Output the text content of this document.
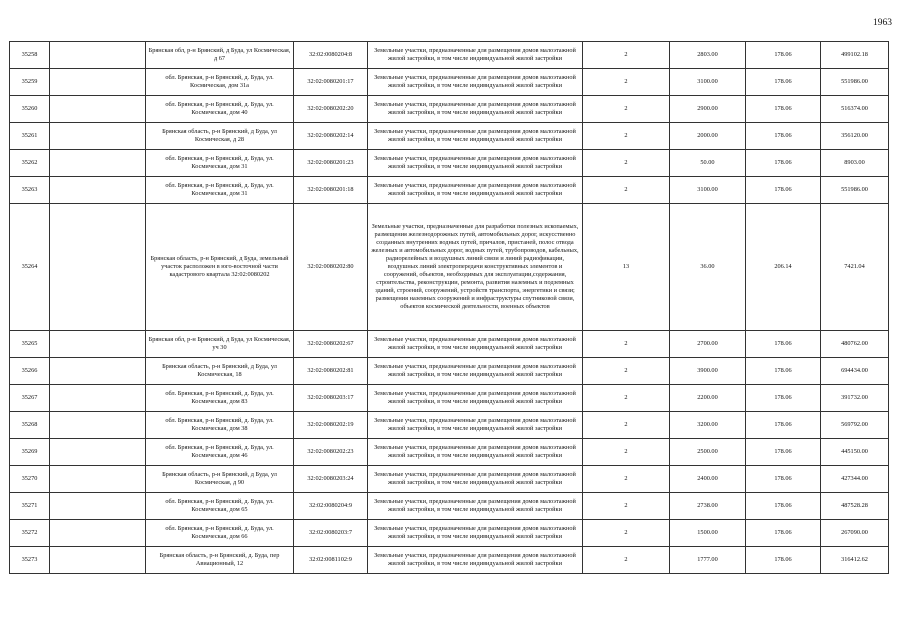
1963
35258		Брянская обл, р-н Брянский, д Буда, ул Космическая, д 67	32:02:0080204:8	Земельные участки, предназначенные для размещения домов малоэтажной жилой застройки, в том числе индивидуальной жилой застройки	2	2803.00	178.06	499102.18
35259		обл. Брянская, р-н Брянский, д. Буда, ул. Космическая, дом 31а	32:02:0080201:17	Земельные участки, предназначенные для размещения домов малоэтажной жилой застройки, в том числе индивидуальной жилой застройки	2	3100.00	178.06	551986.00
35260		обл. Брянская, р-н Брянский, д. Буда, ул. Космическая, дом 40	32:02:0080202:20	Земельные участки, предназначенные для размещения домов малоэтажной жилой застройки, в том числе индивидуальной жилой застройки	2	2900.00	178.06	516374.00
35261		Брянская область, р-н Брянский, д Буда, ул Космическая, д 28	32:02:0080202:14	Земельные участки, предназначенные для размещения домов малоэтажной жилой застройки, в том числе индивидуальной жилой застройки	2	2000.00	178.06	356120.00
35262		обл. Брянская, р-н Брянский, д. Буда, ул. Космическая, дом 31	32:02:0080201:23	Земельные участки, предназначенные для размещения домов малоэтажной жилой застройки, в том числе индивидуальной жилой застройки	2	50.00	178.06	8903.00
35263		обл. Брянская, р-н Брянский, д. Буда, ул. Космическая, дом 31	32:02:0080201:18	Земельные участки, предназначенные для размещения домов малоэтажной жилой застройки, в том числе индивидуальной жилой застройки	2	3100.00	178.06	551986.00
35264		Брянская область, р-н Брянский, д Буда, земельный участок расположен в юго-восточной части кадастрового квартала 32:02:0080202	32:02:0080202:80	Земельные участки, предназначенные для разработки полезных ископаемых, размещения железнодорожных путей, автомобильных дорог, искусственно созданных внутренних водных путей, причалов, пристаней, полос отвода железных и автомобильных дорог, водных путей, трубопроводов, кабельных, радиорелейных и воздушных линий связи и линий радиофикации, воздушных линий электропередачи конструктивных элементов и сооружений, объектов, необходимых для эксплуатации,содержания, строительства, реконструкции, ремонта, развития наземных и подземных зданий, строений, сооружений, устройств транспорта, энергетики и связи; размещения наземных сооружений и инфраструктуры спутниковой связи, объектов космической деятельности, военных объектов	13	36.00	206.14	7421.04
35265		Брянская обл, р-н Брянский, д Буда, ул Космическая, уч 30	32:02:0080202:67	Земельные участки, предназначенные для размещения домов малоэтажной жилой застройки, в том числе индивидуальной жилой застройки	2	2700.00	178.06	480762.00
35266		Брянская область, р-н Брянский, д Буда, ул Космическая, 18	32:02:0080202:81	Земельные участки, предназначенные для размещения домов малоэтажной жилой застройки, в том числе индивидуальной жилой застройки	2	3900.00	178.06	694434.00
35267		обл. Брянская, р-н Брянский, д. Буда, ул. Космическая, дом 83	32:02:0080203:17	Земельные участки, предназначенные для размещения домов малоэтажной жилой застройки, в том числе индивидуальной жилой застройки	2	2200.00	178.06	391732.00
35268		обл. Брянская, р-н Брянский, д. Буда, ул. Космическая, дом 38	32:02:0080202:19	Земельные участки, предназначенные для размещения домов малоэтажной жилой застройки, в том числе индивидуальной жилой застройки	2	3200.00	178.06	569792.00
35269		обл. Брянская, р-н Брянский, д. Буда, ул. Космическая, дом 46	32:02:0080202:23	Земельные участки, предназначенные для размещения домов малоэтажной жилой застройки, в том числе индивидуальной жилой застройки	2	2500.00	178.06	445150.00
35270		Брянская область, р-н Брянский, д Буда, ул Космическая, д 90	32:02:0080203:24	Земельные участки, предназначенные для размещения домов малоэтажной жилой застройки, в том числе индивидуальной жилой застройки	2	2400.00	178.06	427344.00
35271		обл. Брянская, р-н Брянский, д. Буда, ул. Космическая, дом 65	32:02:0080204:9	Земельные участки, предназначенные для размещения домов малоэтажной жилой застройки, в том числе индивидуальной жилой застройки	2	2738.00	178.06	487528.28
35272		обл. Брянская, р-н Брянский, д. Буда, ул. Космическая, дом 66	32:02:0080203:7	Земельные участки, предназначенные для размещения домов малоэтажной жилой застройки, в том числе индивидуальной жилой застройки	2	1500.00	178.06	267090.00
35273		Брянская область, р-н Брянский, д. Буда, пер Авиационный, 12	32:02:0081102:9	Земельные участки, предназначенные для размещения домов малоэтажной жилой застройки, в том числе индивидуальной жилой застройки	2	1777.00	178.06	316412.62
